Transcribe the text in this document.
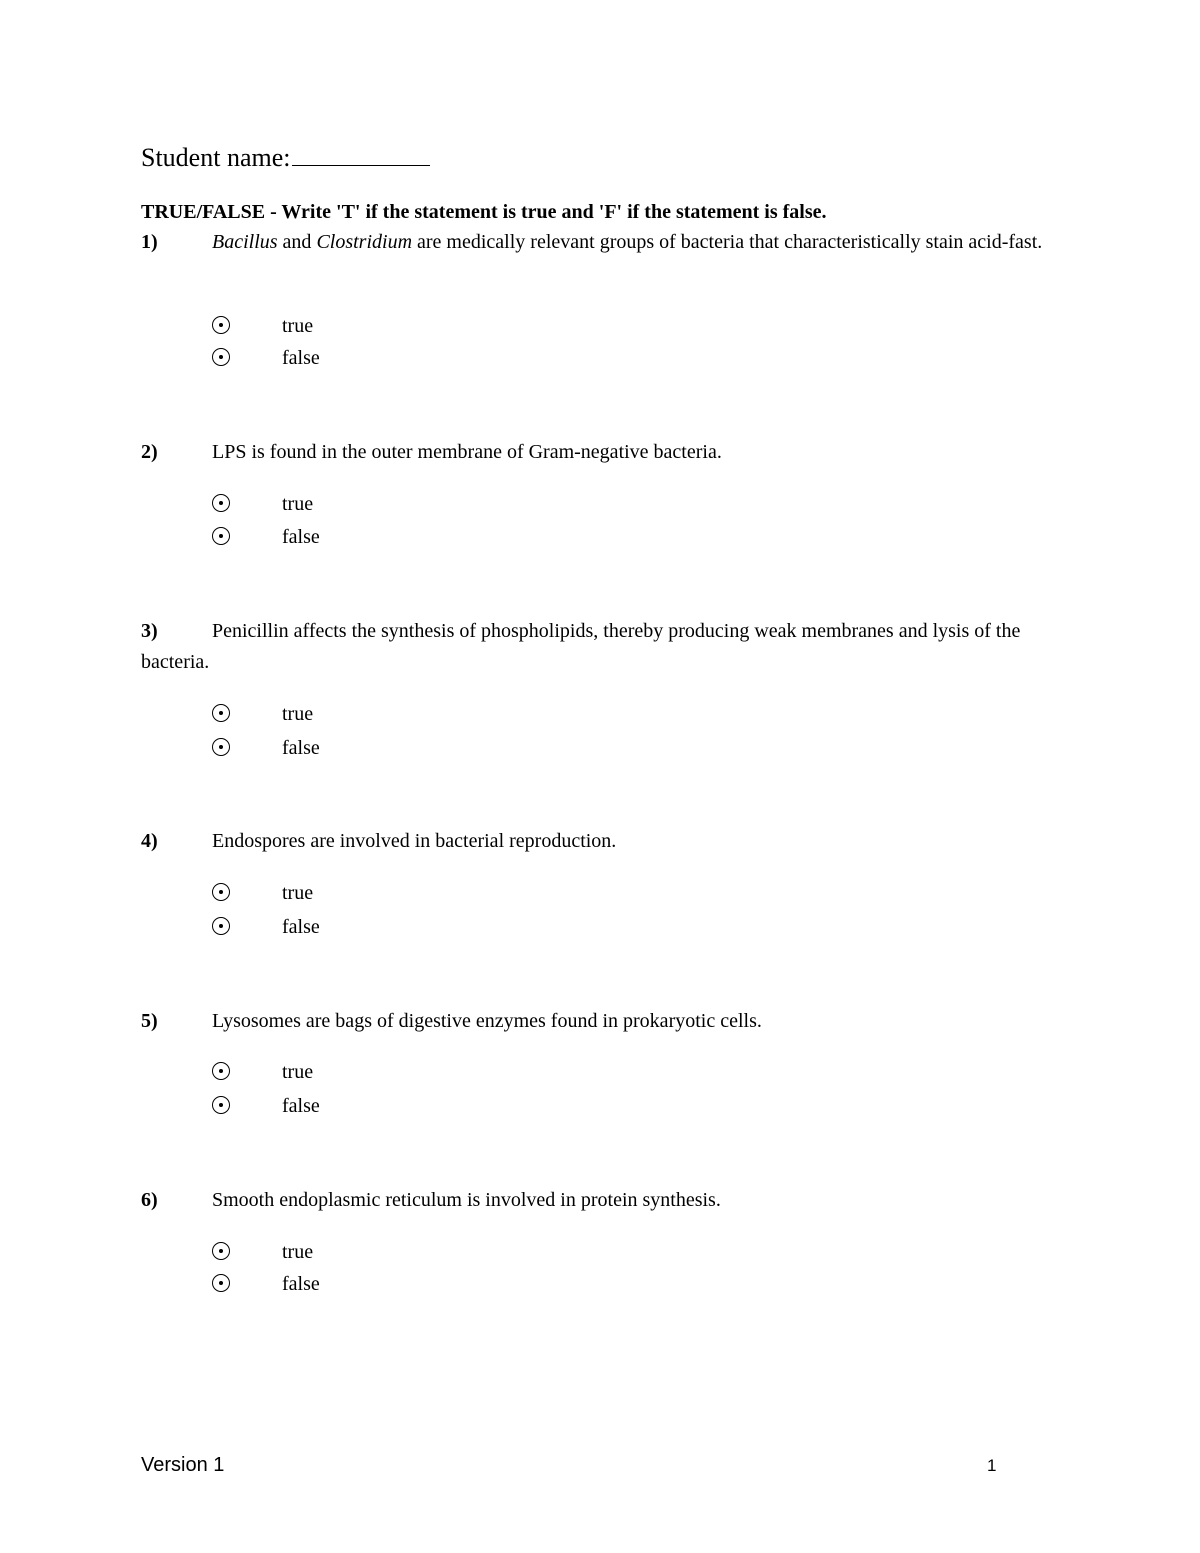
Student name:
TRUE/FALSE - Write 'T' if the statement is true and 'F' if the statement is false.
1)	Bacillus and Clostridium are medically relevant groups of bacteria that characteristically stain acid-fast.
true
false
2)	LPS is found in the outer membrane of Gram-negative bacteria.
true
false
3)	Penicillin affects the synthesis of phospholipids, thereby producing weak membranes and lysis of the bacteria.
true
false
4)	Endospores are involved in bacterial reproduction.
true
false
5)	Lysosomes are bags of digestive enzymes found in prokaryotic cells.
true
false
6)	Smooth endoplasmic reticulum is involved in protein synthesis.
true
false
Version 1	1
